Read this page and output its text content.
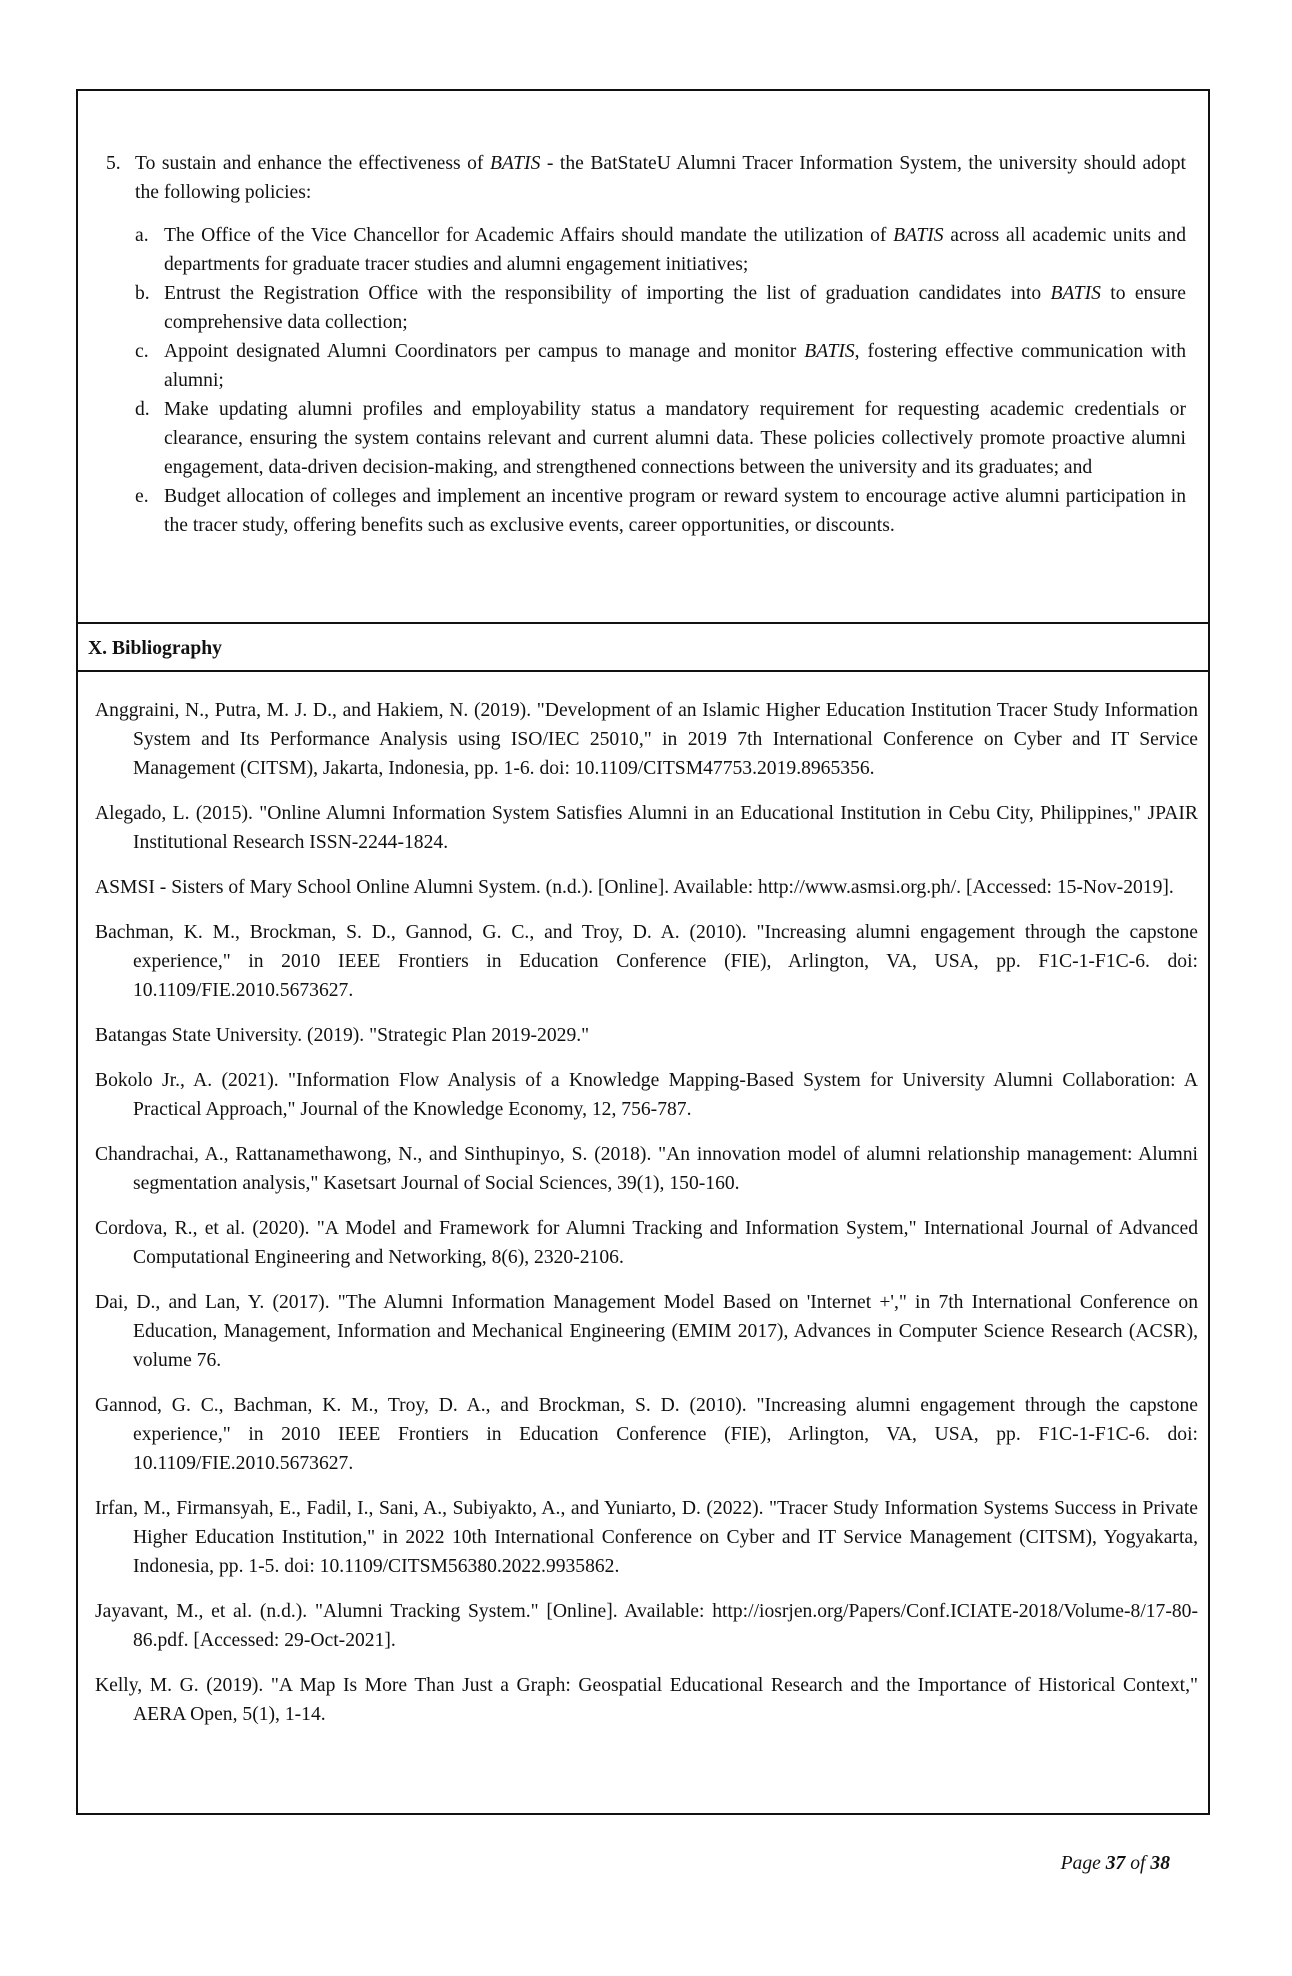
5. To sustain and enhance the effectiveness of BATIS - the BatStateU Alumni Tracer Information System, the university should adopt the following policies:
a. The Office of the Vice Chancellor for Academic Affairs should mandate the utilization of BATIS across all academic units and departments for graduate tracer studies and alumni engagement initiatives;
b. Entrust the Registration Office with the responsibility of importing the list of graduation candidates into BATIS to ensure comprehensive data collection;
c. Appoint designated Alumni Coordinators per campus to manage and monitor BATIS, fostering effective communication with alumni;
d. Make updating alumni profiles and employability status a mandatory requirement for requesting academic credentials or clearance, ensuring the system contains relevant and current alumni data. These policies collectively promote proactive alumni engagement, data-driven decision-making, and strengthened connections between the university and its graduates; and
e. Budget allocation of colleges and implement an incentive program or reward system to encourage active alumni participation in the tracer study, offering benefits such as exclusive events, career opportunities, or discounts.
X. Bibliography
Anggraini, N., Putra, M. J. D., and Hakiem, N. (2019). "Development of an Islamic Higher Education Institution Tracer Study Information System and Its Performance Analysis using ISO/IEC 25010," in 2019 7th International Conference on Cyber and IT Service Management (CITSM), Jakarta, Indonesia, pp. 1-6. doi: 10.1109/CITSM47753.2019.8965356.
Alegado, L. (2015). "Online Alumni Information System Satisfies Alumni in an Educational Institution in Cebu City, Philippines," JPAIR Institutional Research ISSN-2244-1824.
ASMSI - Sisters of Mary School Online Alumni System. (n.d.). [Online]. Available: http://www.asmsi.org.ph/. [Accessed: 15-Nov-2019].
Bachman, K. M., Brockman, S. D., Gannod, G. C., and Troy, D. A. (2010). "Increasing alumni engagement through the capstone experience," in 2010 IEEE Frontiers in Education Conference (FIE), Arlington, VA, USA, pp. F1C-1-F1C-6. doi: 10.1109/FIE.2010.5673627.
Batangas State University. (2019). "Strategic Plan 2019-2029."
Bokolo Jr., A. (2021). "Information Flow Analysis of a Knowledge Mapping-Based System for University Alumni Collaboration: A Practical Approach," Journal of the Knowledge Economy, 12, 756-787.
Chandrachai, A., Rattanamethawong, N., and Sinthupinyo, S. (2018). "An innovation model of alumni relationship management: Alumni segmentation analysis," Kasetsart Journal of Social Sciences, 39(1), 150-160.
Cordova, R., et al. (2020). "A Model and Framework for Alumni Tracking and Information System," International Journal of Advanced Computational Engineering and Networking, 8(6), 2320-2106.
Dai, D., and Lan, Y. (2017). "The Alumni Information Management Model Based on 'Internet +'," in 7th International Conference on Education, Management, Information and Mechanical Engineering (EMIM 2017), Advances in Computer Science Research (ACSR), volume 76.
Gannod, G. C., Bachman, K. M., Troy, D. A., and Brockman, S. D. (2010). "Increasing alumni engagement through the capstone experience," in 2010 IEEE Frontiers in Education Conference (FIE), Arlington, VA, USA, pp. F1C-1-F1C-6. doi: 10.1109/FIE.2010.5673627.
Irfan, M., Firmansyah, E., Fadil, I., Sani, A., Subiyakto, A., and Yuniarto, D. (2022). "Tracer Study Information Systems Success in Private Higher Education Institution," in 2022 10th International Conference on Cyber and IT Service Management (CITSM), Yogyakarta, Indonesia, pp. 1-5. doi: 10.1109/CITSM56380.2022.9935862.
Jayavant, M., et al. (n.d.). "Alumni Tracking System." [Online]. Available: http://iosrjen.org/Papers/Conf.ICIATE-2018/Volume-8/17-80-86.pdf. [Accessed: 29-Oct-2021].
Kelly, M. G. (2019). "A Map Is More Than Just a Graph: Geospatial Educational Research and the Importance of Historical Context," AERA Open, 5(1), 1-14.
Page 37 of 38
